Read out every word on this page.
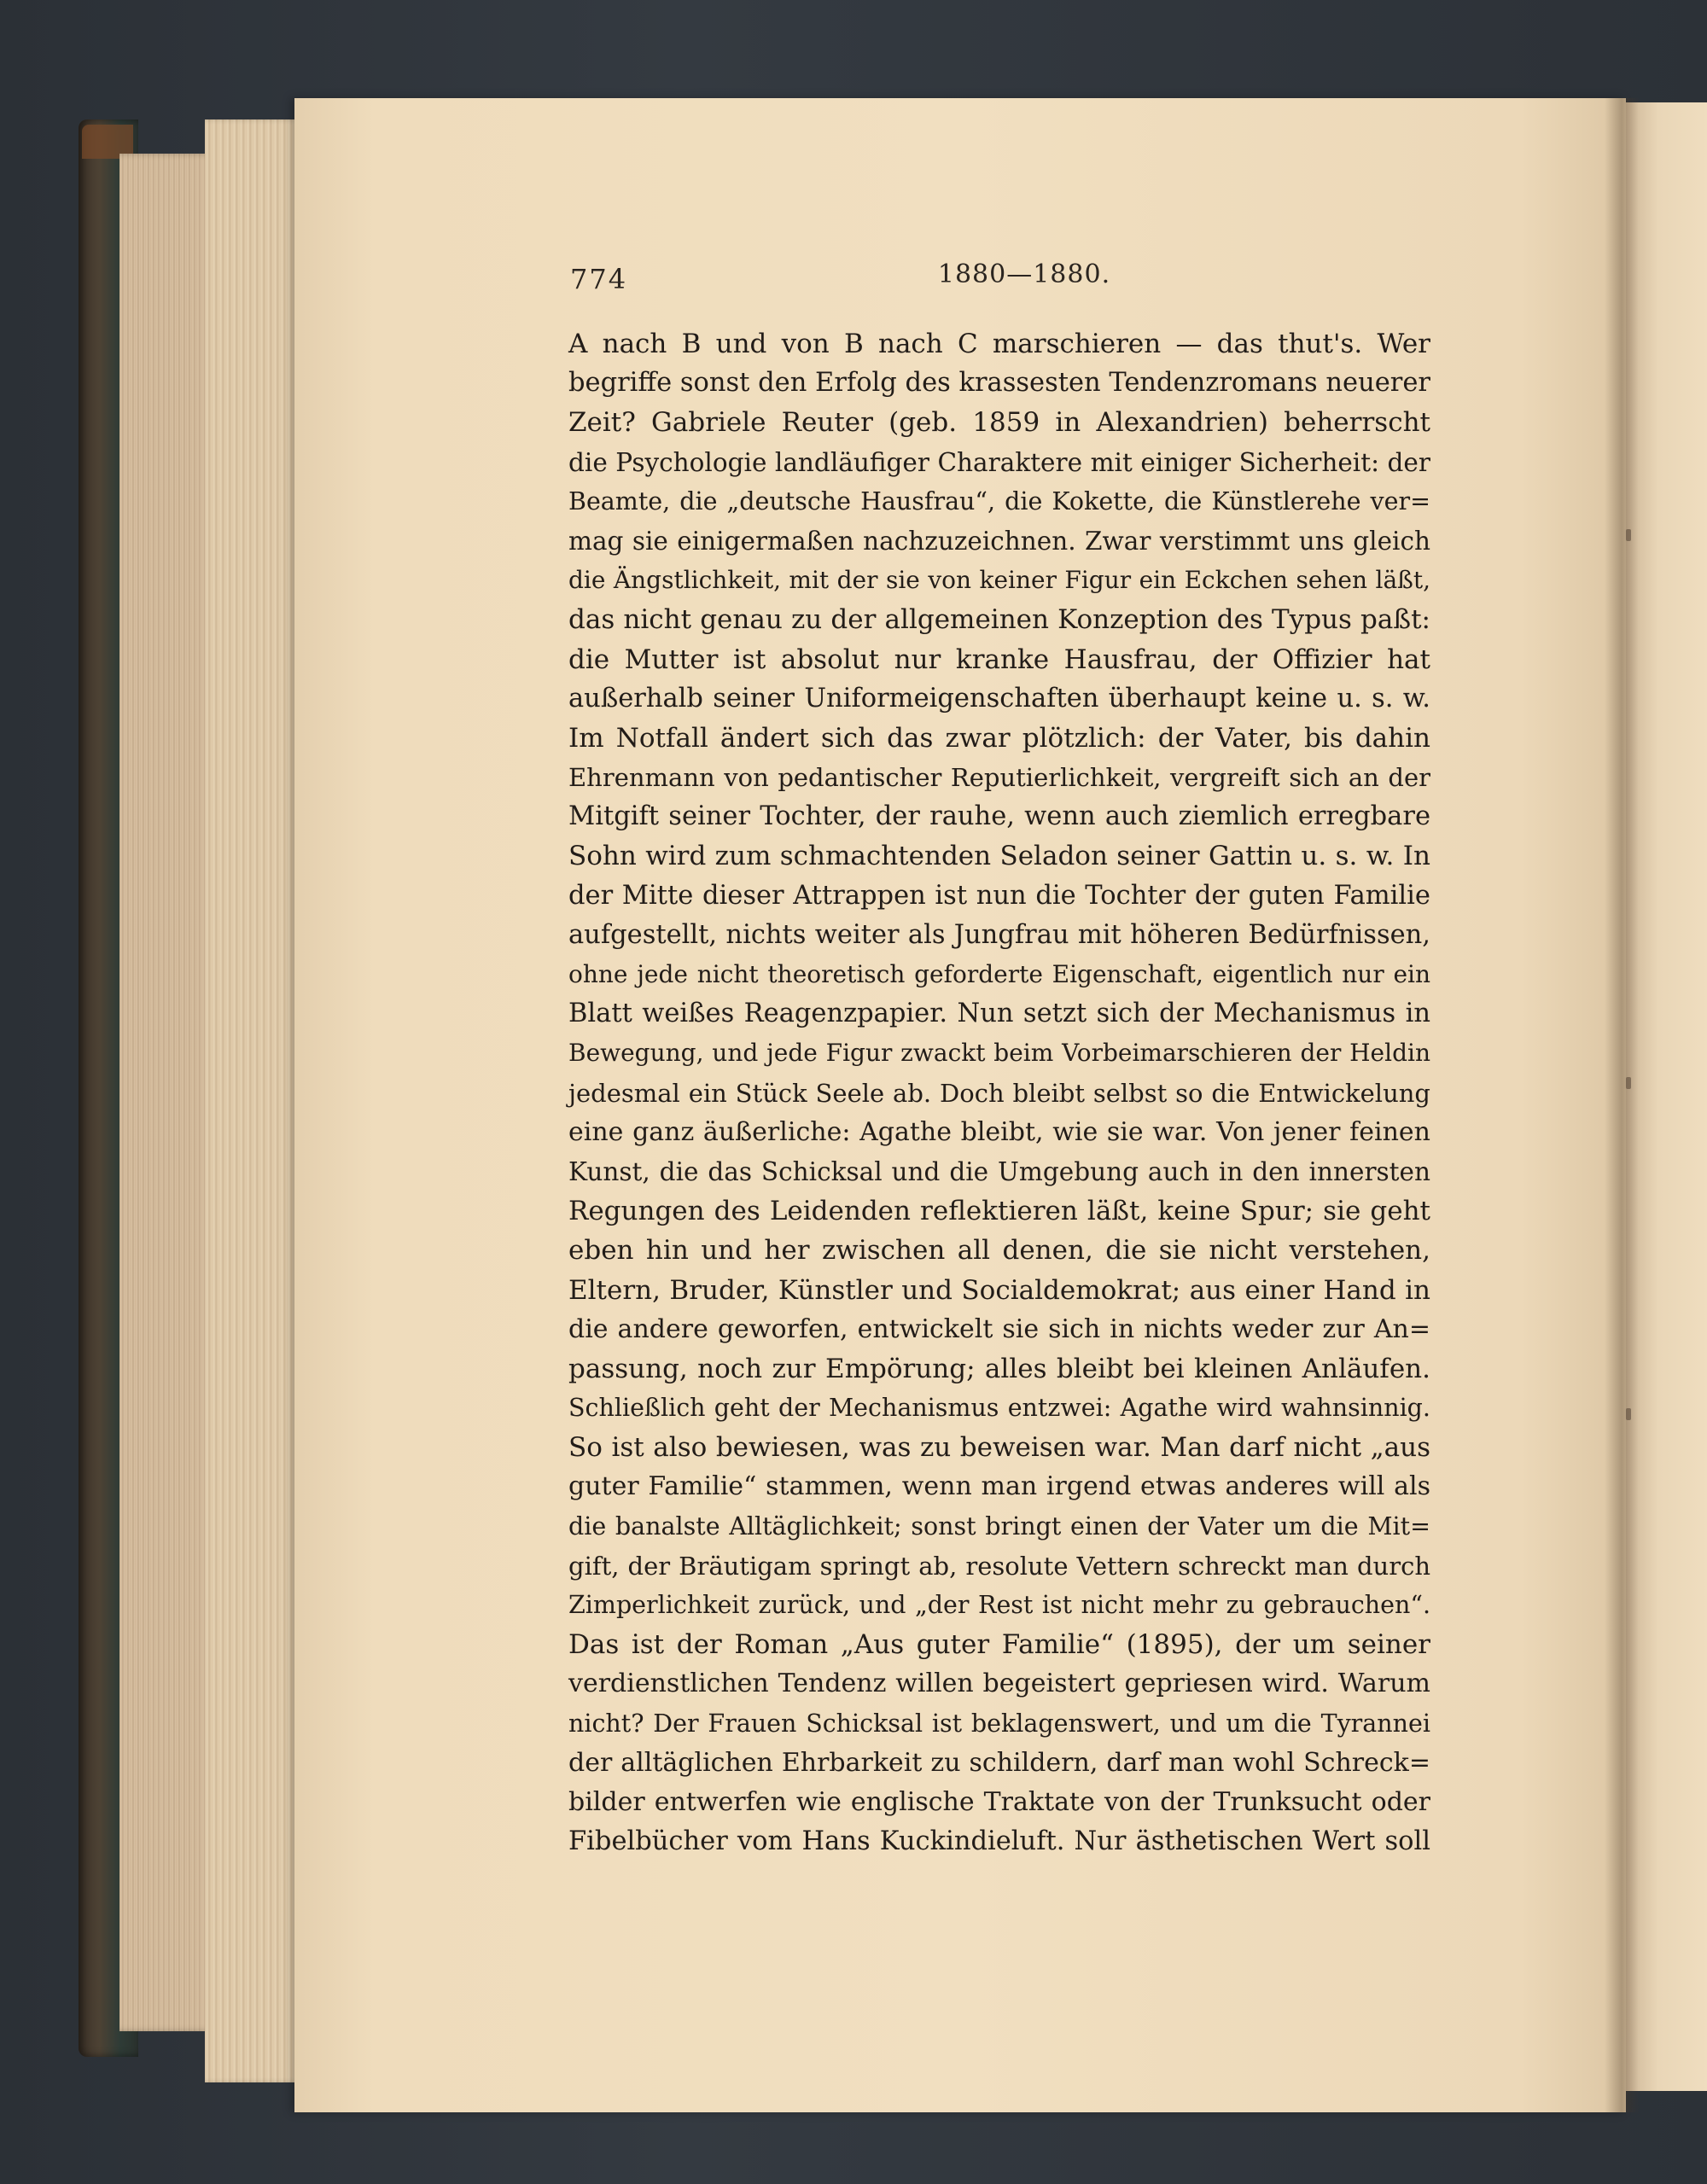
774	1880—1880.
A nach B und von B nach C marschieren — das thut's. Wer
begriffe sonst den Erfolg des krassesten Tendenzromans neuerer
Zeit? Gabriele Reuter (geb. 1859 in Alexandrien) beherrscht
die Psychologie landläufiger Charaktere mit einiger Sicherheit: der
Beamte, die „deutsche Hausfrau“, die Kokette, die Künstlerehe ver=
mag sie einigermaßen nachzuzeichnen. Zwar verstimmt uns gleich
die Ängstlichkeit, mit der sie von keiner Figur ein Eckchen sehen läßt,
das nicht genau zu der allgemeinen Konzeption des Typus paßt:
die Mutter ist absolut nur kranke Hausfrau, der Offizier hat
außerhalb seiner Uniformeigenschaften überhaupt keine u. s. w.
Im Notfall ändert sich das zwar plötzlich: der Vater, bis dahin
Ehrenmann von pedantischer Reputierlichkeit, vergreift sich an der
Mitgift seiner Tochter, der rauhe, wenn auch ziemlich erregbare
Sohn wird zum schmachtenden Seladon seiner Gattin u. s. w. In
der Mitte dieser Attrappen ist nun die Tochter der guten Familie
aufgestellt, nichts weiter als Jungfrau mit höheren Bedürfnissen,
ohne jede nicht theoretisch geforderte Eigenschaft, eigentlich nur ein
Blatt weißes Reagenzpapier. Nun setzt sich der Mechanismus in
Bewegung, und jede Figur zwackt beim Vorbeimarschieren der Heldin
jedesmal ein Stück Seele ab. Doch bleibt selbst so die Entwickelung
eine ganz äußerliche: Agathe bleibt, wie sie war. Von jener feinen
Kunst, die das Schicksal und die Umgebung auch in den innersten
Regungen des Leidenden reflektieren läßt, keine Spur; sie geht
eben hin und her zwischen all denen, die sie nicht verstehen,
Eltern, Bruder, Künstler und Socialdemokrat; aus einer Hand in
die andere geworfen, entwickelt sie sich in nichts weder zur An=
passung, noch zur Empörung; alles bleibt bei kleinen Anläufen.
Schließlich geht der Mechanismus entzwei: Agathe wird wahnsinnig.
So ist also bewiesen, was zu beweisen war. Man darf nicht „aus
guter Familie“ stammen, wenn man irgend etwas anderes will als
die banalste Alltäglichkeit; sonst bringt einen der Vater um die Mit=
gift, der Bräutigam springt ab, resolute Vettern schreckt man durch
Zimperlichkeit zurück, und „der Rest ist nicht mehr zu gebrauchen“.
Das ist der Roman „Aus guter Familie“ (1895), der um seiner
verdienstlichen Tendenz willen begeistert gepriesen wird. Warum
nicht? Der Frauen Schicksal ist beklagenswert, und um die Tyrannei
der alltäglichen Ehrbarkeit zu schildern, darf man wohl Schreck=
bilder entwerfen wie englische Traktate von der Trunksucht oder
Fibelbücher vom Hans Kuckindieluft. Nur ästhetischen Wert soll
